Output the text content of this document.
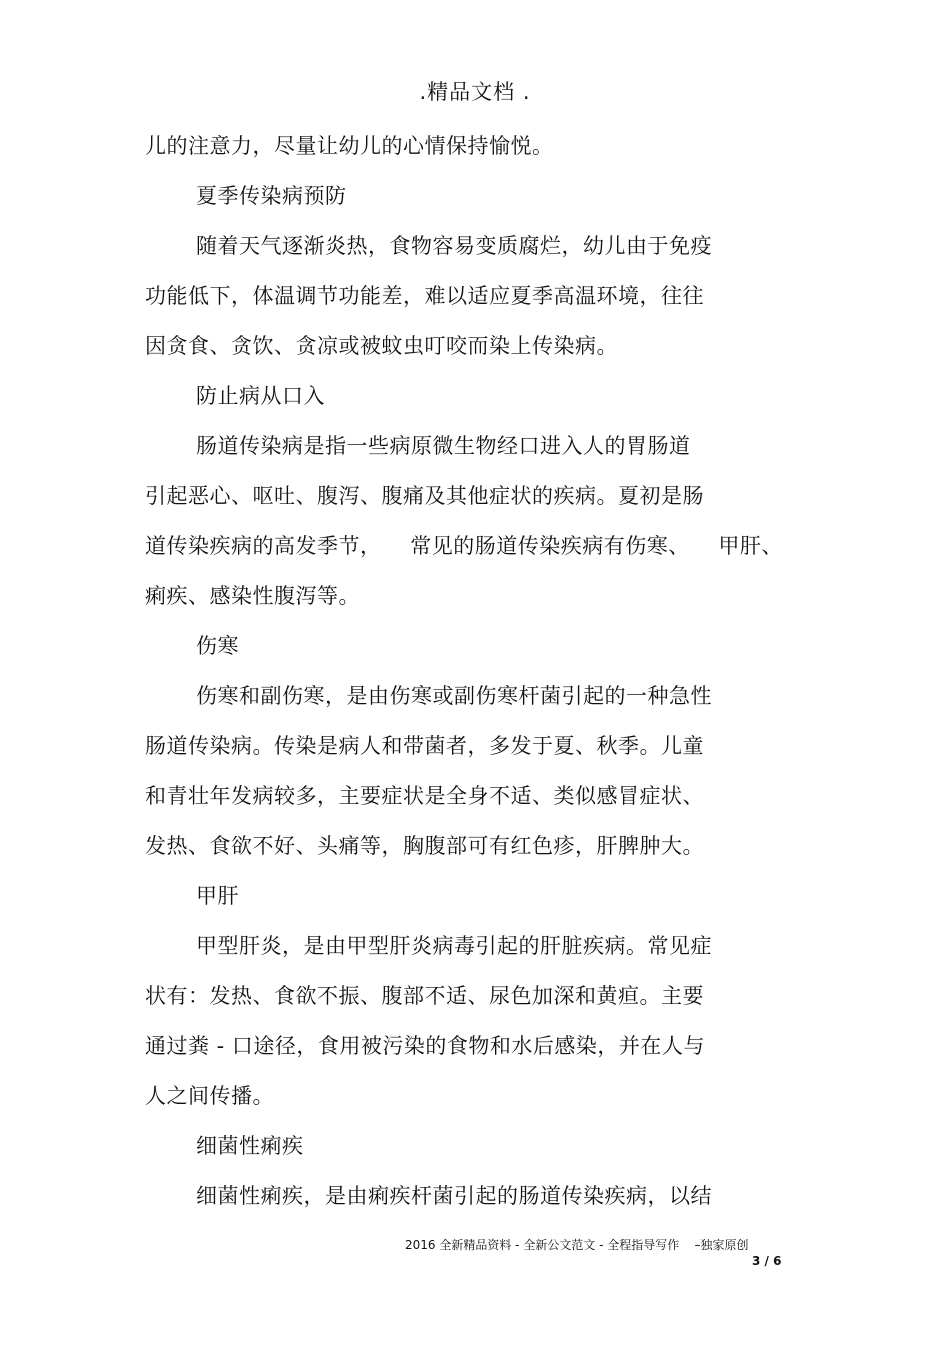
.精品文档 .
儿的注意力，尽量让幼儿的心情保持愉悦。
夏季传染病预防
随着天气逐渐炎热，食物容易变质腐烂，幼儿由于免疫
功能低下，体温调节功能差，难以适应夏季高温环境，往往
因贪食、贪饮、贪凉或被蚊虫叮咬而染上传染病。
防止病从口入
肠道传染病是指一些病原微生物经口进入人的胃肠道
引起恶心、呕吐、腹泻、腹痛及其他症状的疾病。夏初是肠
道传染疾病的高发季节，    常见的肠道传染疾病有伤寒、    甲肝、
痢疾、感染性腹泻等。
伤寒
伤寒和副伤寒，是由伤寒或副伤寒杆菌引起的一种急性
肠道传染病。传染是病人和带菌者，多发于夏、秋季。儿童
和青壮年发病较多，主要症状是全身不适、类似感冒症状、
发热、食欲不好、头痛等，胸腹部可有红色疹，肝脾肿大。
甲肝
甲型肝炎，是由甲型肝炎病毒引起的肝脏疾病。常见症
状有：发热、食欲不振、腹部不适、尿色加深和黄疸。主要
通过粪 - 口途径，食用被污染的食物和水后感染，并在人与
人之间传播。
细菌性痢疾
细菌性痢疾，是由痢疾杆菌引起的肠道传染疾病，以结
2016 全新精品资料 - 全新公文范文 - 全程指导写作    –独家原创
3 / 6
